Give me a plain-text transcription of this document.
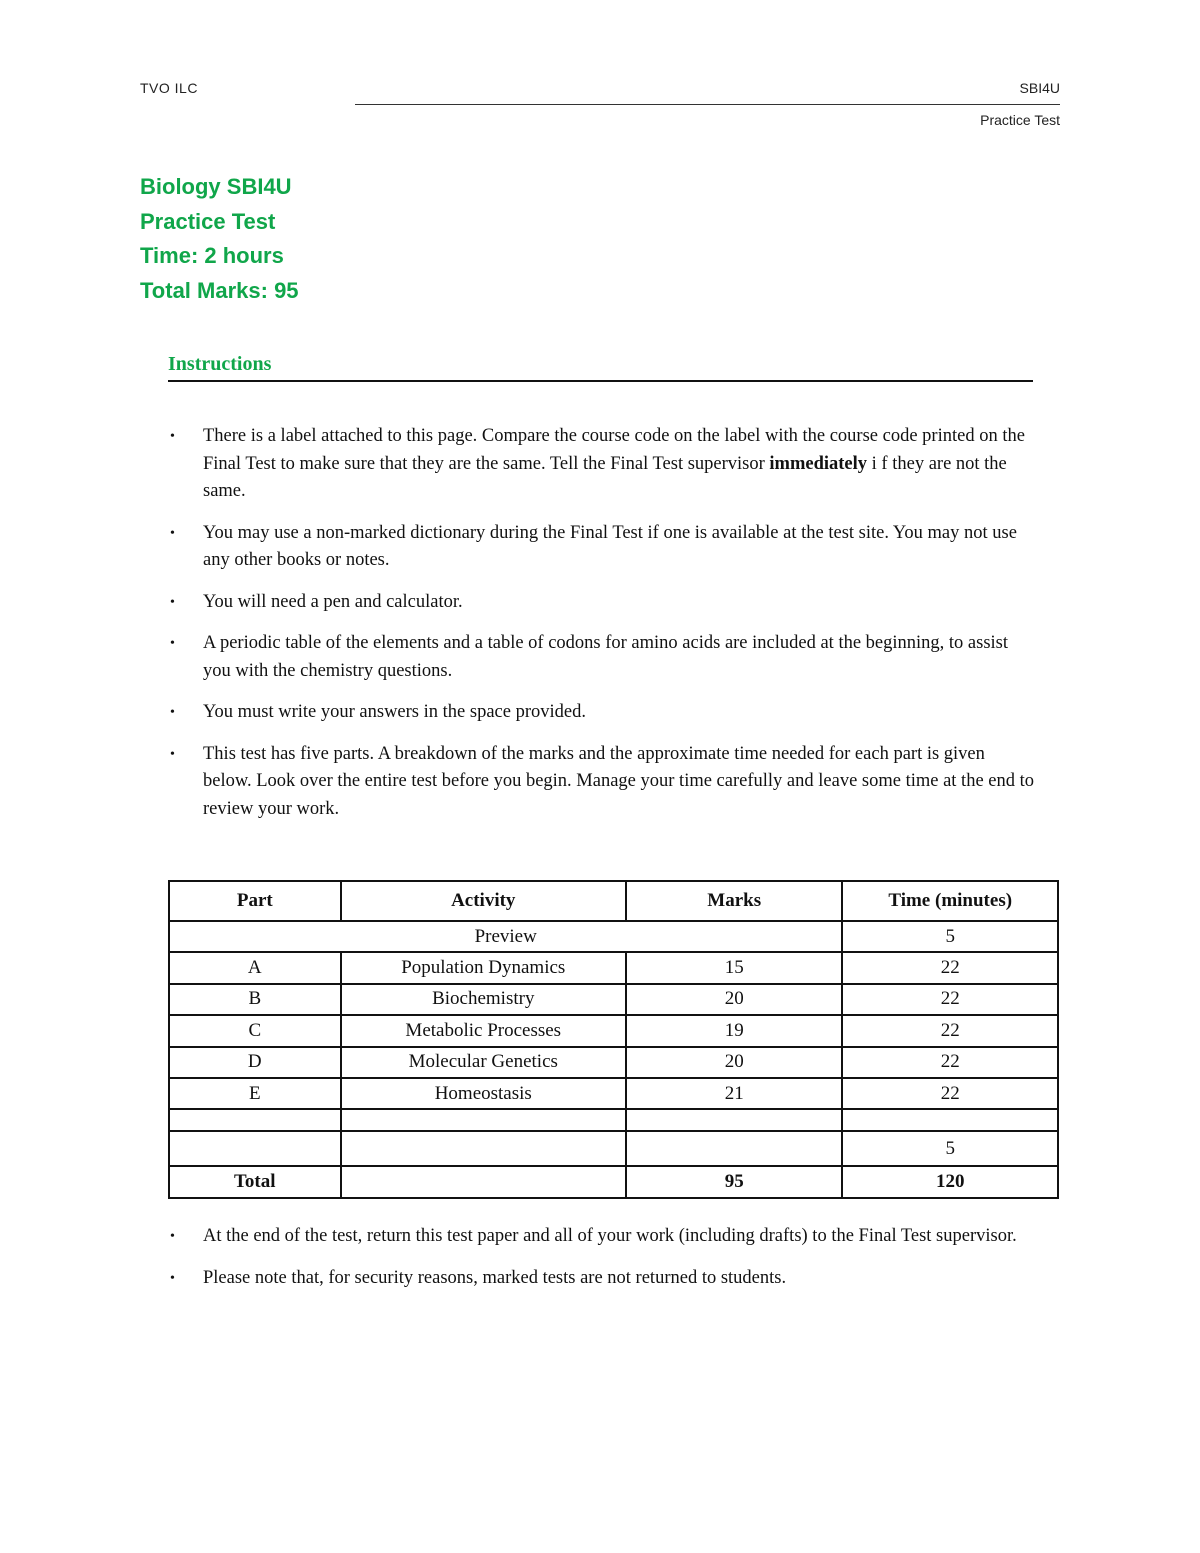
TVO ILC	SBI4U
Practice Test
Biology SBI4U
Practice Test
Time: 2 hours
Total Marks: 95
Instructions
• There is a label attached to this page. Compare the course code on the label with the course code printed on the Final Test to make sure that they are the same. Tell the Final Test supervisor immediately i f they are not the same.
• You may use a non-marked dictionary during the Final Test if one is available at the test site. You may not use any other books or notes.
• You will need a pen and calculator.
• A periodic table of the elements and a table of codons for amino acids are included at the beginning, to assist you with the chemistry questions.
• You must write your answers in the space provided.
• This test has five parts. A breakdown of the marks and the approximate time needed for each part is given below. Look over the entire test before you begin. Manage your time carefully and leave some time at the end to review your work.
Part	Activity	Marks	Time (minutes)
Preview			5
A	Population Dynamics	15	22
B	Biochemistry	20	22
C	Metabolic Processes	19	22
D	Molecular Genetics	20	22
E	Homeostasis	21	22

			5
Total		95	120
• At the end of the test, return this test paper and all of your work (including drafts) to the Final Test supervisor.
• Please note that, for security reasons, marked tests are not returned to students.
